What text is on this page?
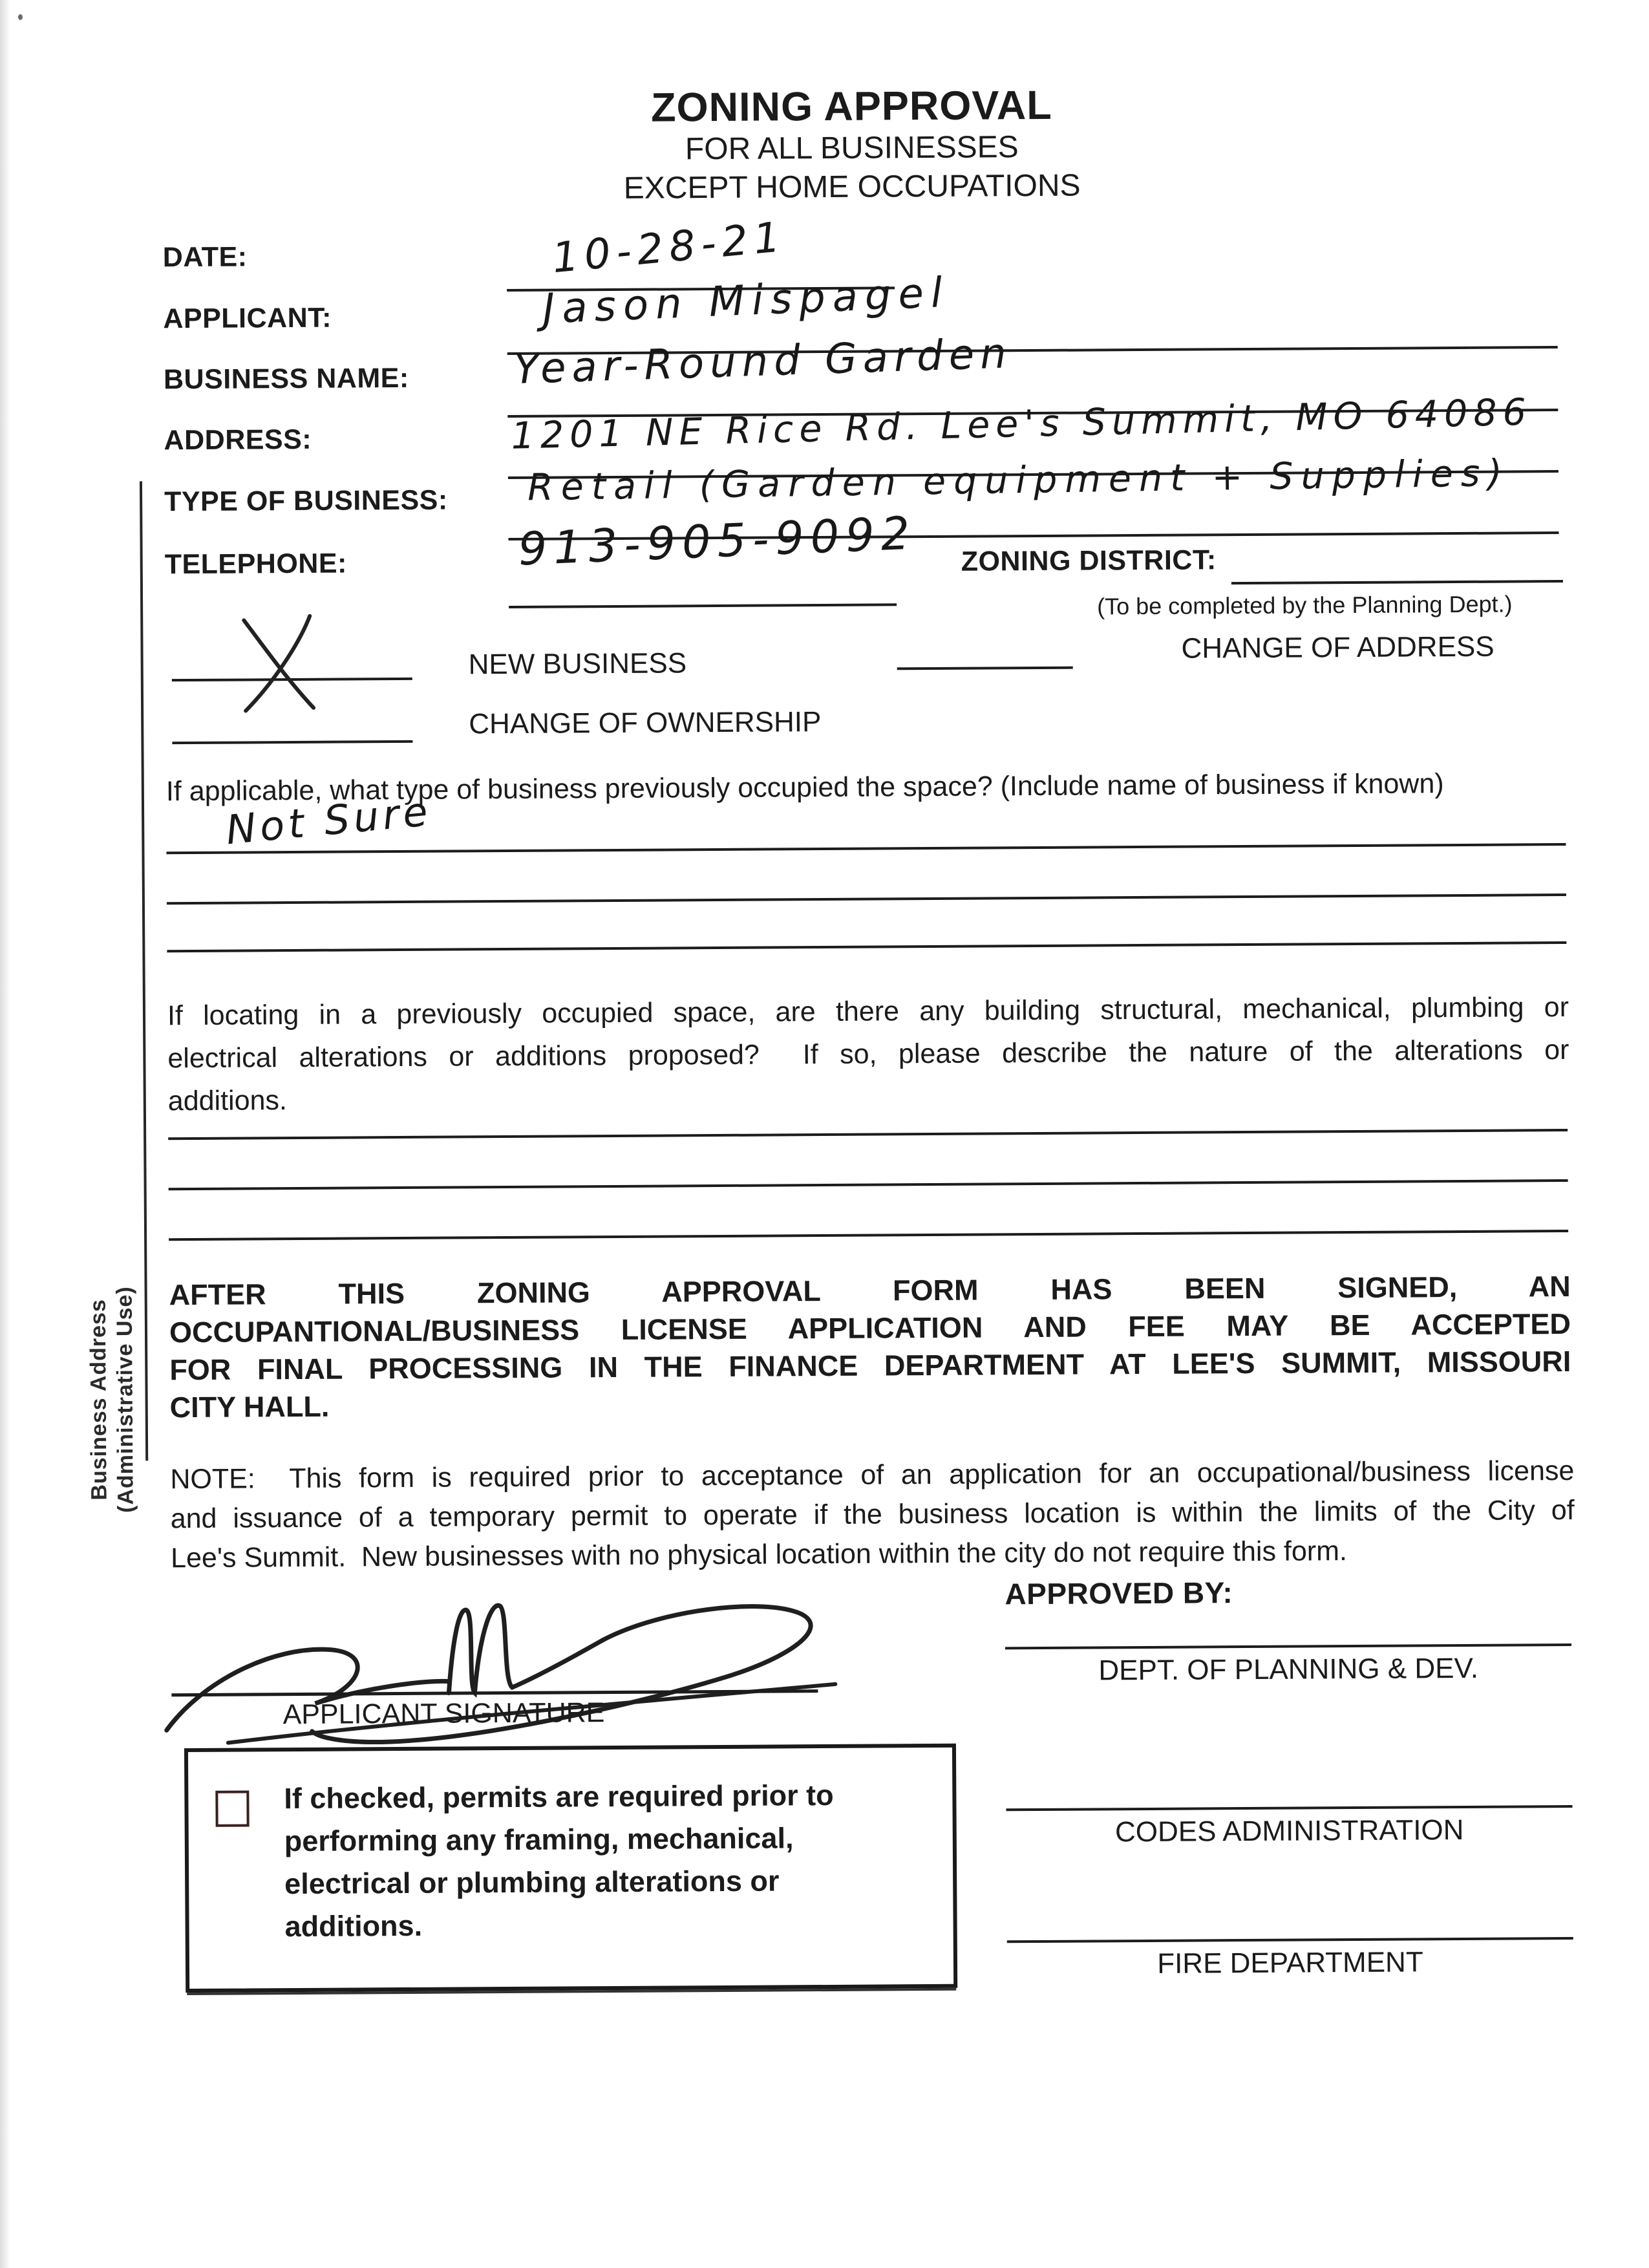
ZONING APPROVAL
FOR ALL BUSINESSES
EXCEPT HOME OCCUPATIONS
DATE:	10-28-21
APPLICANT:	Jason Mispagel
BUSINESS NAME:	Year-Round Garden
ADDRESS:	1201 NE Rice Rd. Lee's Summit, MO 64086
TYPE OF BUSINESS: Retail (Garden equipment + Supplies)
TELEPHONE:	913-905-9092 ZONING DISTRICT:
(To be completed by the Planning Dept.)
NEW BUSINESS	CHANGE OF ADDRESS
CHANGE OF OWNERSHIP
If applicable, what type of business previously occupied the space? (Include name of business if known)
Not Sure
If locating in a previously occupied space, are there any building structural, mechanical, plumbing or
electrical alterations or additions proposed?  If so, please describe the nature of the alterations or
additions.
Business Address (Administrative Use) AFTER THIS ZONING APPROVAL FORM HAS BEEN SIGNED, AN
OCCUPANTIONAL/BUSINESS LICENSE APPLICATION AND FEE MAY BE ACCEPTED
FOR FINAL PROCESSING IN THE FINANCE DEPARTMENT AT LEE'S SUMMIT, MISSOURI
CITY HALL.
NOTE:  This form is required prior to acceptance of an application for an occupational/business license
and issuance of a temporary permit to operate if the business location is within the limits of the City of
Lee's Summit.  New businesses with no physical location within the city do not require this form.
APPROVED BY:
APPLICANT SIGNATURE
DEPT. OF PLANNING & DEV.
CODES ADMINISTRATION
FIRE DEPARTMENT
If checked, permits are required prior to
performing any framing, mechanical,
electrical or plumbing alterations or
additions.
